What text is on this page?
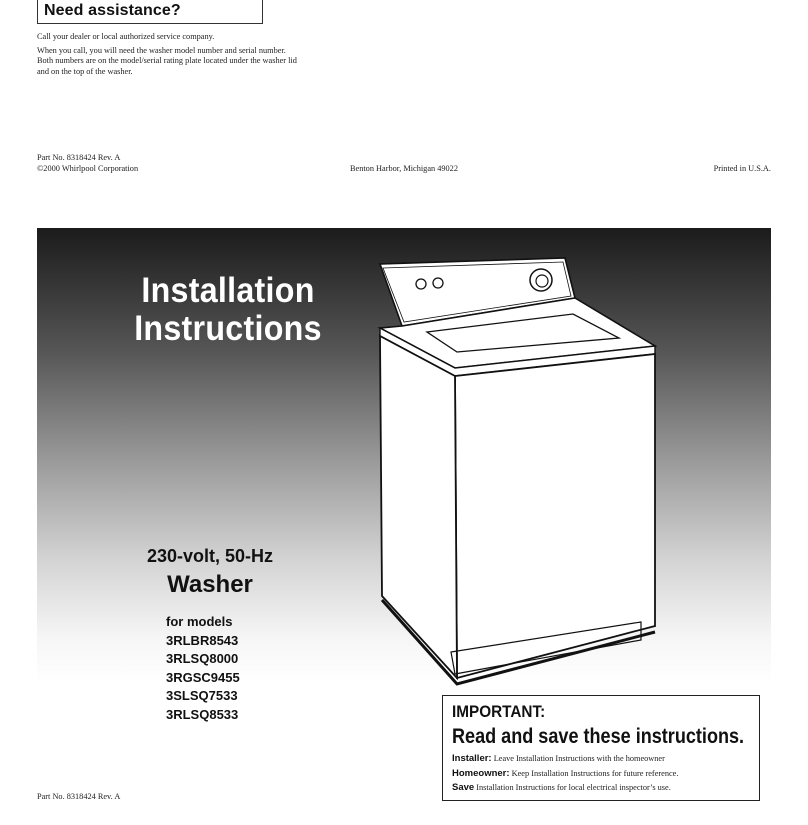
Need assistance?

Call your dealer or local authorized service company.

When you call, you will need the washer model number and serial number. Both numbers are on the model/serial rating plate located under the washer lid and on the top of the washer.

Part No. 8318424 Rev. A
©2000 Whirlpool Corporation	Benton Harbor, Michigan 49022	Printed in U.S.A.
Installation
Instructions
230-volt, 50-Hz
Washer
for models
3RLBR8543
3RLSQ8000
3RGSC9455
3SLSQ7533
3RLSQ8533	IMPORTANT:
Read and save these instructions.
Installer: Leave Installation Instructions with the homeowner
Homeowner: Keep Installation Instructions for future reference.
Save Installation Instructions for local electrical inspector’s use.
Part No. 8318424 Rev. A
